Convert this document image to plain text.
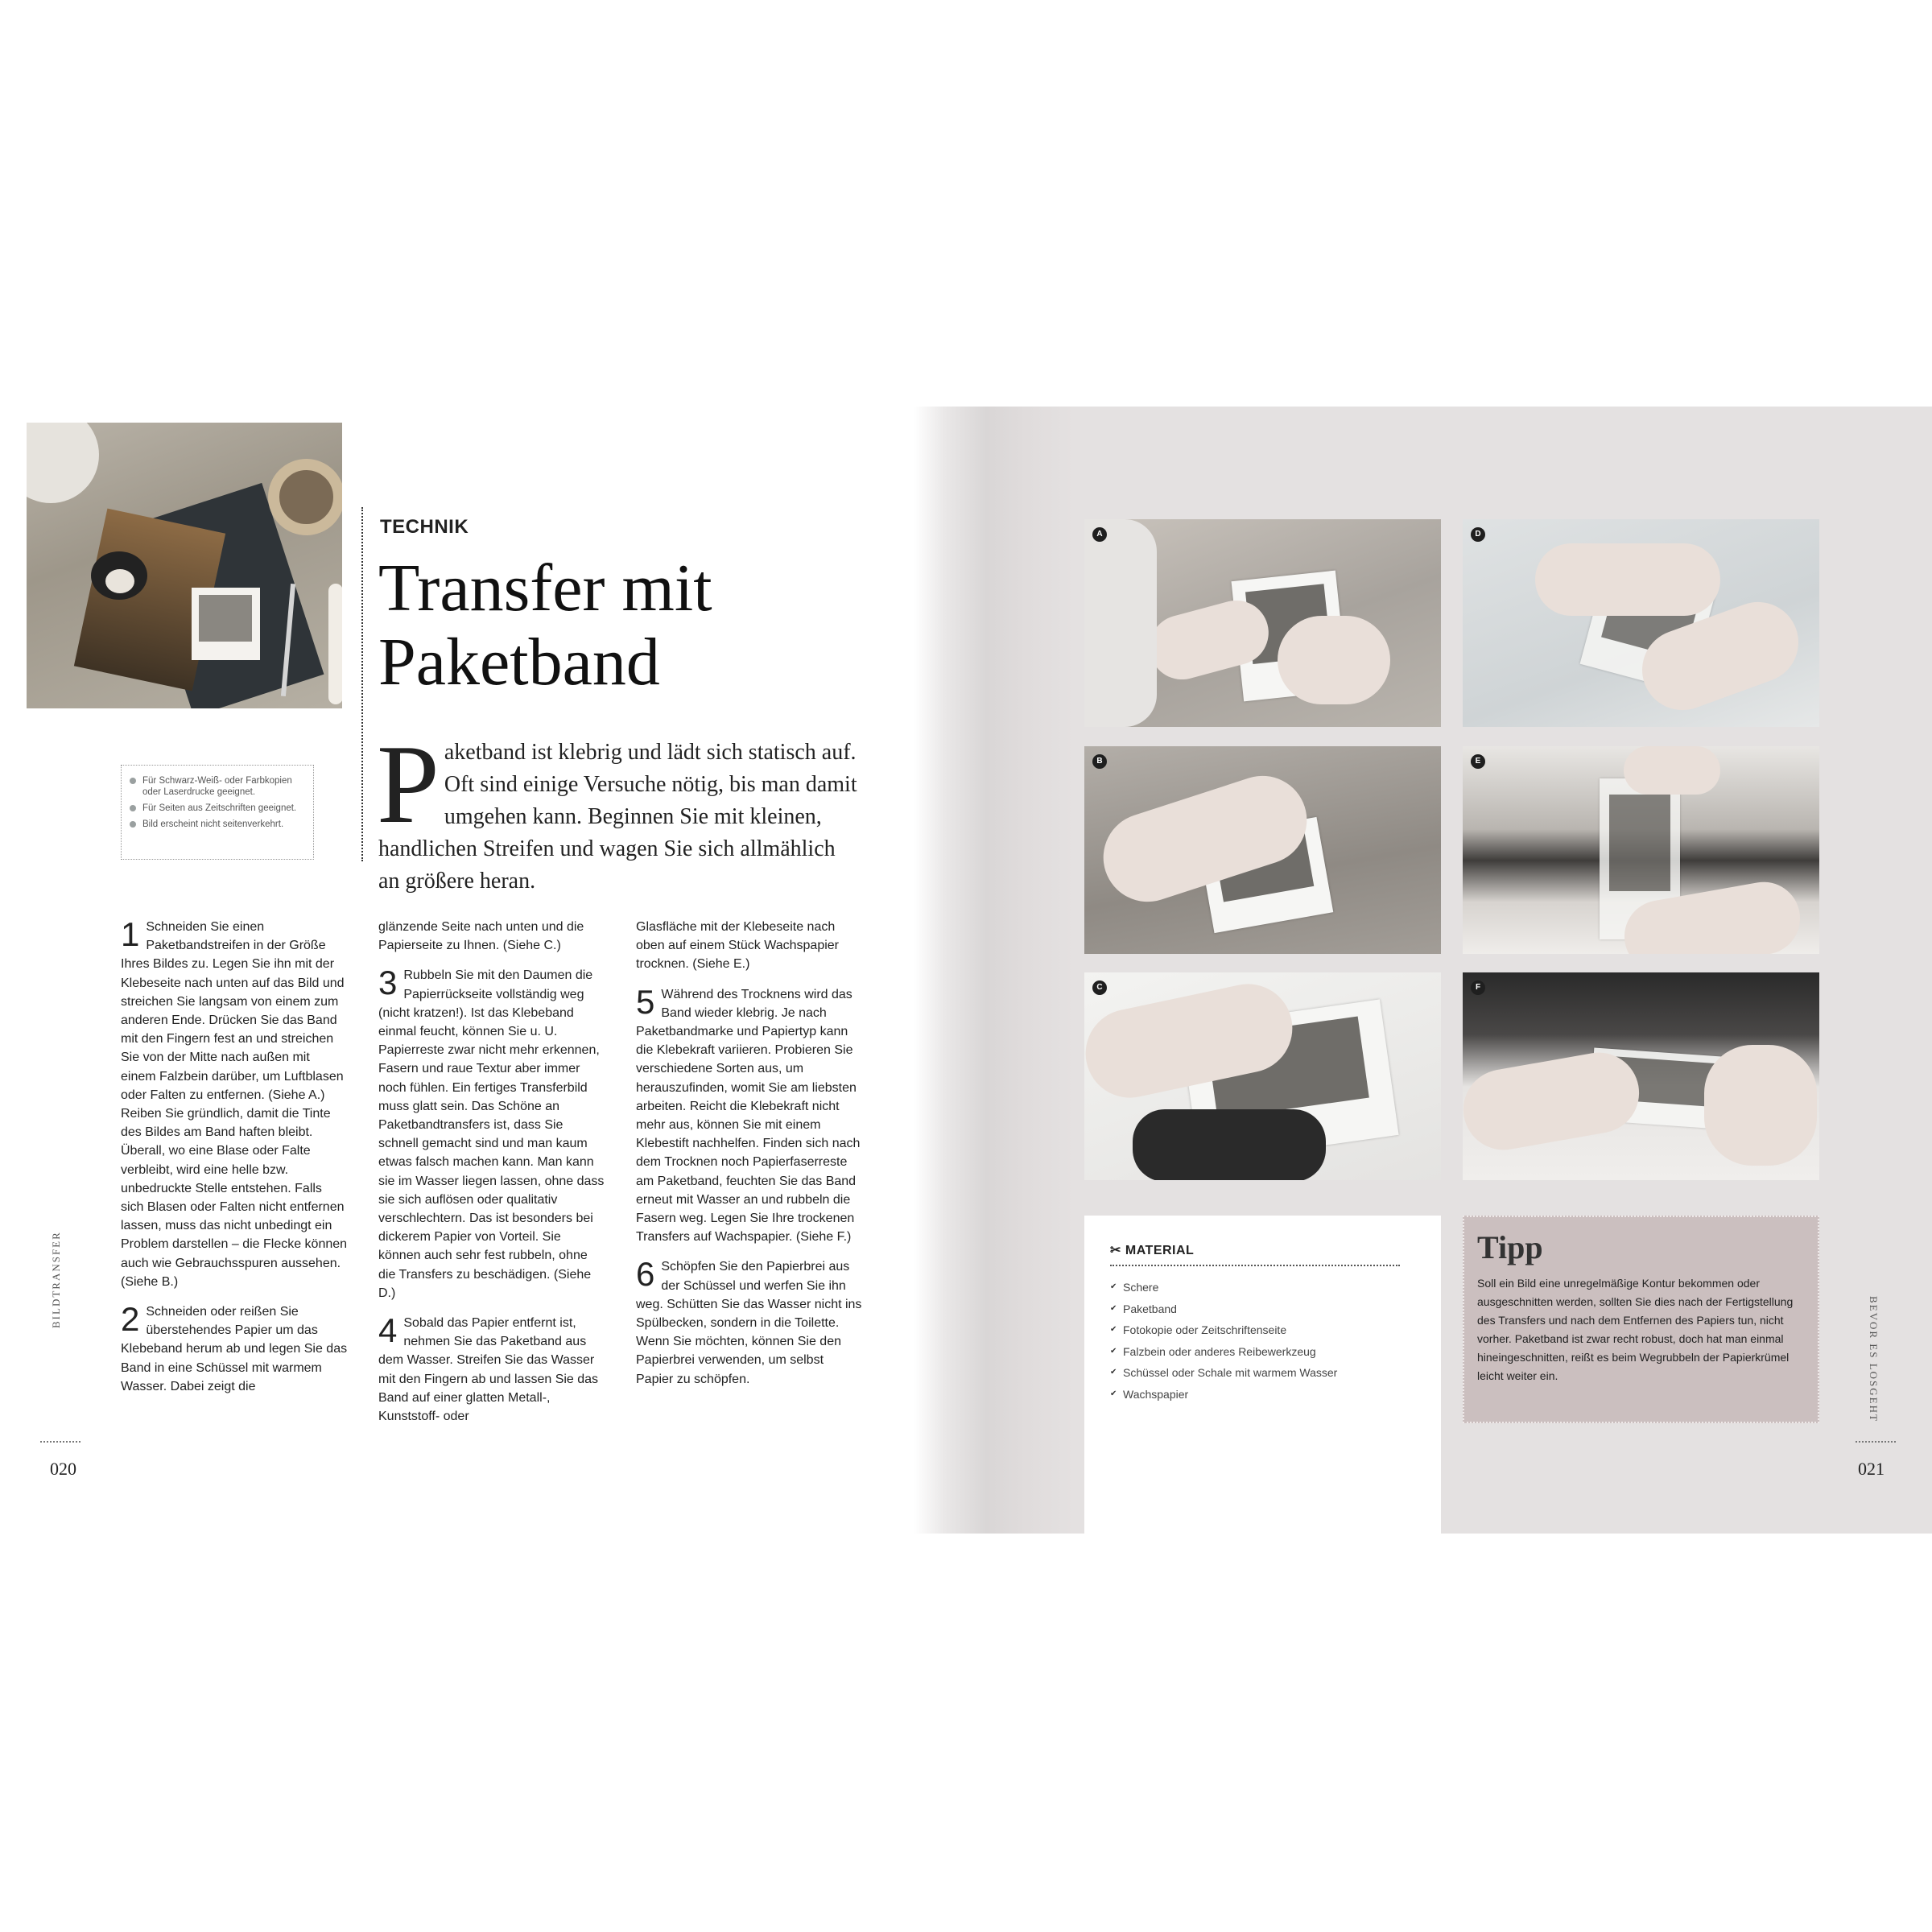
Für Schwarz-Weiß- oder Farbkopien oder Laserdrucke geeignet.
Für Seiten aus Zeitschriften geeignet.
Bild erscheint nicht seitenverkehrt.
TECHNIK
Transfer mit
Paketband
P aketband ist klebrig und lädt sich statisch auf. Oft sind einige Versuche nötig, bis man damit umgehen kann. Beginnen Sie mit kleinen, handlichen Streifen und wagen Sie sich allmählich an größere heran.

1 Schneiden Sie einen Paketbandstreifen in der Größe Ihres Bildes zu. Legen Sie ihn mit der Klebeseite nach unten auf das Bild und streichen Sie langsam von einem zum anderen Ende. Drücken Sie das Band mit den Fingern fest an und streichen Sie von der Mitte nach außen mit einem Falzbein darüber, um Luftblasen oder Falten zu entfernen. (Siehe A.) Reiben Sie gründlich, damit die Tinte des Bildes am Band haften bleibt. Überall, wo eine Blase oder Falte verbleibt, wird eine helle bzw. unbedruckte Stelle entstehen. Falls sich Blasen oder Falten nicht entfernen lassen, muss das nicht unbedingt ein Problem darstellen – die Flecke können auch wie Gebrauchsspuren aussehen. (Siehe B.)

2 Schneiden oder reißen Sie überstehendes Papier um das Klebeband herum ab und legen Sie das Band in eine Schüssel mit warmem Wasser. Dabei zeigt die

glänzende Seite nach unten und die Papierseite zu Ihnen. (Siehe C.)

3 Rubbeln Sie mit den Daumen die Papierrückseite vollständig weg (nicht kratzen!). Ist das Klebeband einmal feucht, können Sie u. U. Papierreste zwar nicht mehr erkennen, Fasern und raue Textur aber immer noch fühlen. Ein fertiges Transferbild muss glatt sein. Das Schöne an Paketbandtransfers ist, dass Sie schnell gemacht sind und man kaum etwas falsch machen kann. Man kann sie im Wasser liegen lassen, ohne dass sie sich auflösen oder qualitativ verschlechtern. Das ist besonders bei dickerem Papier von Vorteil. Sie können auch sehr fest rubbeln, ohne die Transfers zu beschädigen. (Siehe D.)

4 Sobald das Papier entfernt ist, nehmen Sie das Paketband aus dem Wasser. Streifen Sie das Wasser mit den Fingern ab und lassen Sie das Band auf einer glatten Metall-, Kunststoff- oder

Glasfläche mit der Klebeseite nach oben auf einem Stück Wachspapier trocknen. (Siehe E.)

5 Während des Trocknens wird das Band wieder klebrig. Je nach Paketbandmarke und Papiertyp kann die Klebekraft variieren. Probieren Sie verschiedene Sorten aus, um herauszufinden, womit Sie am liebsten arbeiten. Reicht die Klebekraft nicht mehr aus, können Sie mit einem Klebestift nachhelfen. Finden sich nach dem Trocknen noch Papierfaserreste am Paketband, feuchten Sie das Band erneut mit Wasser an und rubbeln die Fasern weg. Legen Sie Ihre trockenen Transfers auf Wachspapier. (Siehe F.)

6 Schöpfen Sie den Papierbrei aus der Schüssel und werfen Sie ihn weg. Schütten Sie das Wasser nicht ins Spülbecken, sondern in die Toilette. Wenn Sie möchten, können Sie den Papierbrei verwenden, um selbst Papier zu schöpfen.

BILDTRANSFER
020
BEVOR ES LOSGEHT
021
A
B
C
D
E
F
✂ MATERIAL
✔ Schere
✔ Paketband
✔ Fotokopie oder Zeitschriftenseite
✔ Falzbein oder anderes Reibewerkzeug
✔ Schüssel oder Schale mit warmem Wasser
✔ Wachspapier

Tipp

Soll ein Bild eine unregelmäßige Kontur bekommen oder ausgeschnitten werden, sollten Sie dies nach der Fertigstellung des Transfers und nach dem Entfernen des Papiers tun, nicht vorher. Paketband ist zwar recht robust, doch hat man einmal hineingeschnitten, reißt es beim Wegrubbeln der Papierkrümel leicht weiter ein.
